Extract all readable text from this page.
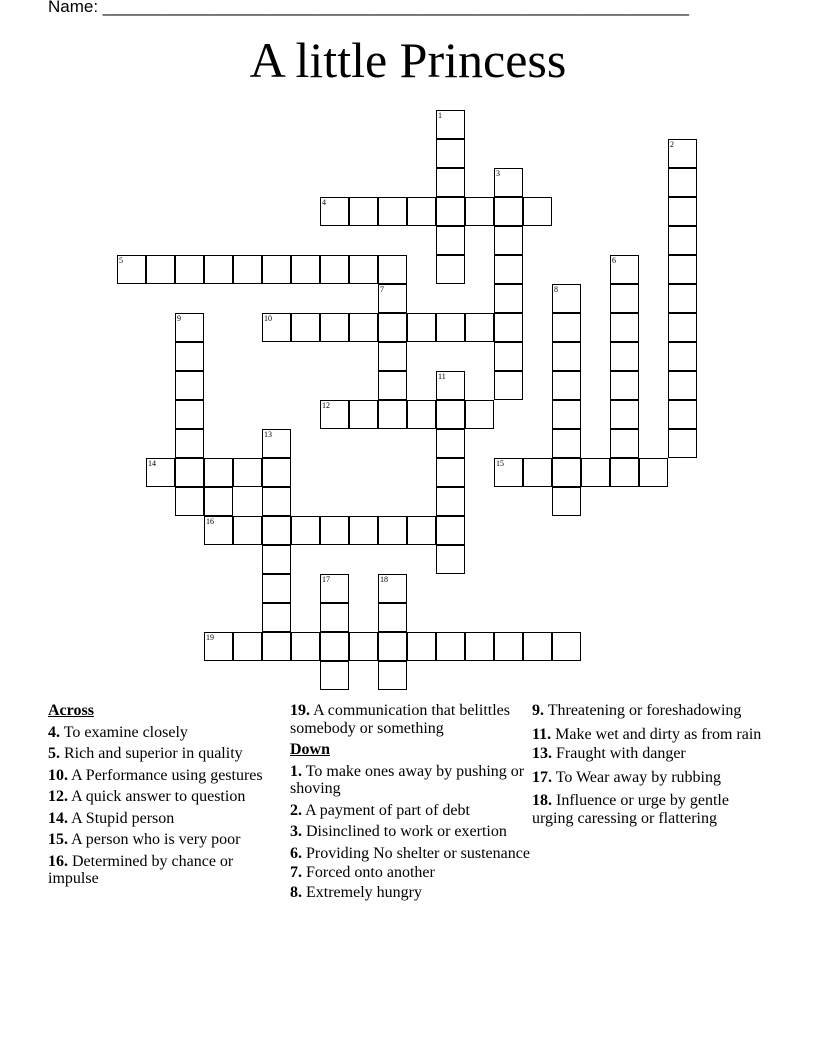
Name: ______________________________________________________________
A little Princess
1
2
3
4
5	6
7	8
9	10
11
12
13
14	15
16
17	18
19
Across
4. To examine closely
5. Rich and superior in quality
10. A Performance using gestures
12. A quick answer to question
14. A Stupid person
15. A person who is very poor
16. Determined by chance or impulse
19. A communication that belittles somebody or something
Down
1. To make ones away by pushing or shoving
2. A payment of part of debt
3. Disinclined to work or exertion
6. Providing No shelter or sustenance
7. Forced onto another
8. Extremely hungry
9. Threatening or foreshadowing
11. Make wet and dirty as from rain
13. Fraught with danger
17. To Wear away by rubbing
18. Influence or urge by gentle urging caressing or flattering
